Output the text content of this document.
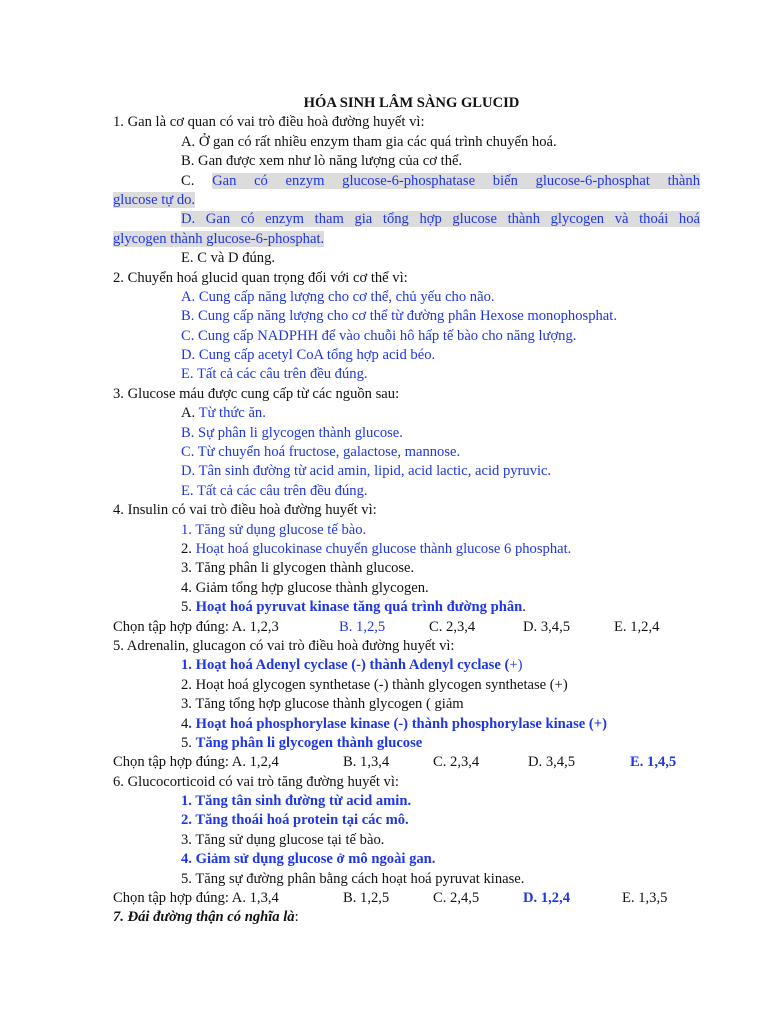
HÓA SINH LÂM SÀNG GLUCID
1. Gan là cơ quan có vai trò điều hoà đường huyết vì:
A. Ở gan có rất nhiều enzym tham gia các quá trình chuyển hoá.
B. Gan được xem như lò năng lượng của cơ thể.
C. Gan có enzym glucose-6-phosphatase biến glucose-6-phosphat thành
glucose tự do.
D. Gan có enzym tham gia tổng hợp glucose thành glycogen và thoái hoá
glycogen thành glucose-6-phosphat.
E. C và D đúng.
2. Chuyển hoá glucid quan trọng đối với cơ thể vì:
A. Cung cấp năng lượng cho cơ thể, chủ yếu cho não.
B. Cung cấp năng lượng cho cơ thể từ đường phân Hexose monophosphat.
C. Cung cấp NADPHH để vào chuỗi hô hấp tế bào cho năng lượng.
D. Cung cấp acetyl CoA tổng hợp acid béo.
E. Tất cả các câu trên đều đúng.
3. Glucose máu được cung cấp từ các nguồn sau:
A. Từ thức ăn.
B. Sự phân li glycogen thành glucose.
C. Từ chuyển hoá fructose, galactose, mannose.
D. Tân sinh đường từ acid amin, lipid, acid lactic, acid pyruvic.
E. Tất cả các câu trên đều đúng.
4. Insulin có vai trò điều hoà đường huyết vì:
1. Tăng sử dụng glucose tế bào.
2. Hoạt hoá glucokinase chuyển glucose thành glucose 6 phosphat.
3. Tăng phân li glycogen thành glucose.
4. Giảm tổng hợp glucose thành glycogen.
5. Hoạt hoá pyruvat kinase tăng quá trình đường phân.
Chọn tập hợp đúng: A. 1,2,3	B. 1,2,5	C. 2,3,4	D. 3,4,5	E. 1,2,4
5. Adrenalin, glucagon có vai trò điều hoà đường huyết vì:
1. Hoạt hoá Adenyl cyclase (-) thành Adenyl cyclase (+)
2. Hoạt hoá glycogen synthetase (-) thành glycogen synthetase (+)
3. Tăng tổng hợp glucose thành glycogen ( giảm
4. Hoạt hoá phosphorylase kinase (-) thành phosphorylase kinase (+)
5. Tăng phân li glycogen thành glucose
Chọn tập hợp đúng: A. 1,2,4	B. 1,3,4	C. 2,3,4	D. 3,4,5	E. 1,4,5
6. Glucocorticoid có vai trò tăng đường huyết vì:
1. Tăng tân sinh đường từ acid amin.
2. Tăng thoái hoá protein tại các mô.
3. Tăng sử dụng glucose tại tế bào.
4. Giảm sử dụng glucose ở mô ngoài gan.
5. Tăng sự đường phân bằng cách hoạt hoá pyruvat kinase.
Chọn tập hợp đúng: A. 1,3,4	B. 1,2,5	C. 2,4,5	D. 1,2,4	E. 1,3,5
7. Đái đường thận có nghĩa là:
